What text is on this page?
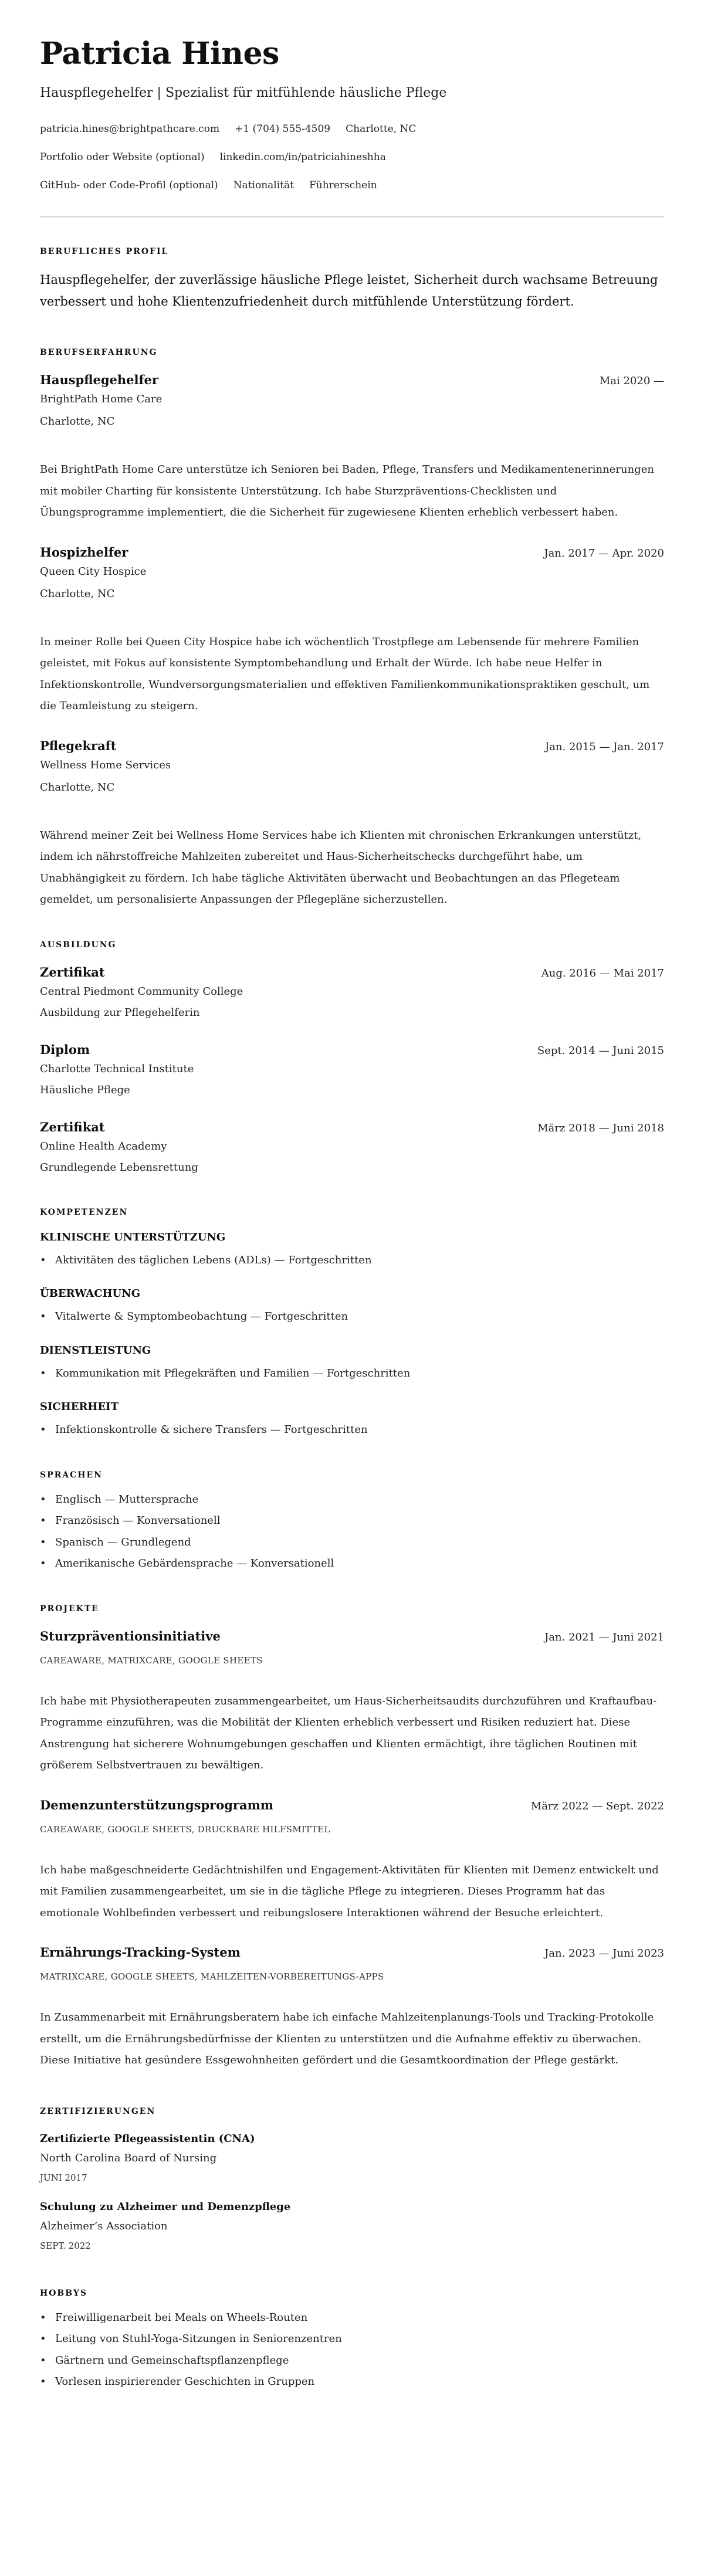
Patricia Hines
Hauspflegehelfer | Spezialist für mitfühlende häusliche Pflege
patricia.hines@brightpathcare.com +1 (704) 555-4509 Charlotte, NC
Portfolio oder Website (optional) linkedin.com/in/patriciahineshha
GitHub- oder Code-Profil (optional) Nationalität Führerschein
BERUFLICHES PROFIL

Hauspflegehelfer, der zuverlässige häusliche Pflege leistet, Sicherheit durch wachsame Betreuung verbessert und hohe Klientenzufriedenheit durch mitfühlende Unterstützung fördert.

BERUFSERFAHRUNG
Hauspflegehelfer	Mai 2020 —
BrightPath Home Care
Charlotte, NC

Bei BrightPath Home Care unterstütze ich Senioren bei Baden, Pflege, Transfers und Medikamentenerinnerungen mit mobiler Charting für konsistente Unterstützung. Ich habe Sturzpräventions-Checklisten und Übungsprogramme implementiert, die die Sicherheit für zugewiesene Klienten erheblich verbessert haben.

Hospizhelfer	Jan. 2017 — Apr. 2020
Queen City Hospice
Charlotte, NC

In meiner Rolle bei Queen City Hospice habe ich wöchentlich Trostpflege am Lebensende für mehrere Familien geleistet, mit Fokus auf konsistente Symptombehandlung und Erhalt der Würde. Ich habe neue Helfer in Infektionskontrolle, Wundversorgungsmaterialien und effektiven Familienkommunikationspraktiken geschult, um die Teamleistung zu steigern.

Pflegekraft	Jan. 2015 — Jan. 2017
Wellness Home Services
Charlotte, NC

Während meiner Zeit bei Wellness Home Services habe ich Klienten mit chronischen Erkrankungen unterstützt, indem ich nährstoffreiche Mahlzeiten zubereitet und Haus-Sicherheitschecks durchgeführt habe, um Unabhängigkeit zu fördern. Ich habe tägliche Aktivitäten überwacht und Beobachtungen an das Pflegeteam gemeldet, um personalisierte Anpassungen der Pflegepläne sicherzustellen.

AUSBILDUNG
Zertifikat	Aug. 2016 — Mai 2017
Central Piedmont Community College
Ausbildung zur Pflegehelferin
Diplom	Sept. 2014 — Juni 2015
Charlotte Technical Institute
Häusliche Pflege
Zertifikat	März 2018 — Juni 2018
Online Health Academy
Grundlegende Lebensrettung
KOMPETENZEN
KLINISCHE UNTERSTÜTZUNG
• Aktivitäten des täglichen Lebens (ADLs) — Fortgeschritten
ÜBERWACHUNG
• Vitalwerte & Symptombeobachtung — Fortgeschritten
DIENSTLEISTUNG
• Kommunikation mit Pflegekräften und Familien — Fortgeschritten
SICHERHEIT
• Infektionskontrolle & sichere Transfers — Fortgeschritten
SPRACHEN
• Englisch — Muttersprache
• Französisch — Konversationell
• Spanisch — Grundlegend
• Amerikanische Gebärdensprache — Konversationell
PROJEKTE
Sturzpräventionsinitiative	Jan. 2021 — Juni 2021
CAREAWARE, MATRIXCARE, GOOGLE SHEETS

Ich habe mit Physiotherapeuten zusammengearbeitet, um Haus-Sicherheitsaudits durchzuführen und Kraftaufbau-Programme einzuführen, was die Mobilität der Klienten erheblich verbessert und Risiken reduziert hat. Diese Anstrengung hat sicherere Wohnumgebungen geschaffen und Klienten ermächtigt, ihre täglichen Routinen mit größerem Selbstvertrauen zu bewältigen.

Demenzunterstützungsprogramm	März 2022 — Sept. 2022
CAREAWARE, GOOGLE SHEETS, DRUCKBARE HILFSMITTEL

Ich habe maßgeschneiderte Gedächtnishilfen und Engagement-Aktivitäten für Klienten mit Demenz entwickelt und mit Familien zusammengearbeitet, um sie in die tägliche Pflege zu integrieren. Dieses Programm hat das emotionale Wohlbefinden verbessert und reibungslosere Interaktionen während der Besuche erleichtert.

Ernährungs-Tracking-System	Jan. 2023 — Juni 2023
MATRIXCARE, GOOGLE SHEETS, MAHLZEITEN-VORBEREITUNGS-APPS

In Zusammenarbeit mit Ernährungsberatern habe ich einfache Mahlzeitenplanungs-Tools und Tracking-Protokolle erstellt, um die Ernährungsbedürfnisse der Klienten zu unterstützen und die Aufnahme effektiv zu überwachen. Diese Initiative hat gesündere Essgewohnheiten gefördert und die Gesamtkoordination der Pflege gestärkt.

ZERTIFIZIERUNGEN
Zertifizierte Pflegeassistentin (CNA)
North Carolina Board of Nursing
JUNI 2017
Schulung zu Alzheimer und Demenzpflege
Alzheimer’s Association
SEPT. 2022
HOBBYS
• Freiwilligenarbeit bei Meals on Wheels-Routen
• Leitung von Stuhl-Yoga-Sitzungen in Seniorenzentren
• Gärtnern und Gemeinschaftspflanzenpflege
• Vorlesen inspirierender Geschichten in Gruppen
